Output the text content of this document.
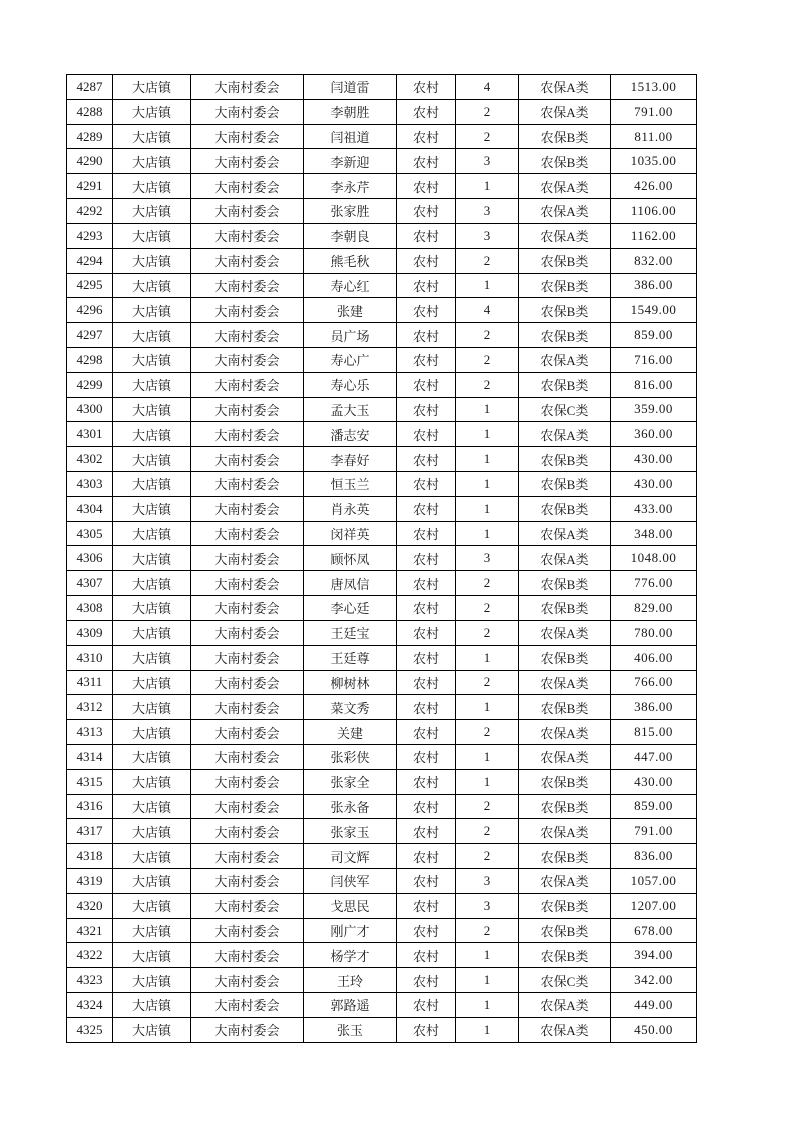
4287	大店镇	大南村委会	闫道雷	农村	4	农保A类	1513.00
4288	大店镇	大南村委会	李朝胜	农村	2	农保A类	791.00
4289	大店镇	大南村委会	闫祖道	农村	2	农保B类	811.00
4290	大店镇	大南村委会	李新迎	农村	3	农保B类	1035.00
4291	大店镇	大南村委会	李永芹	农村	1	农保A类	426.00
4292	大店镇	大南村委会	张家胜	农村	3	农保A类	1106.00
4293	大店镇	大南村委会	李朝良	农村	3	农保A类	1162.00
4294	大店镇	大南村委会	熊毛秋	农村	2	农保B类	832.00
4295	大店镇	大南村委会	寿心红	农村	1	农保B类	386.00
4296	大店镇	大南村委会	张建	农村	4	农保B类	1549.00
4297	大店镇	大南村委会	员广场	农村	2	农保B类	859.00
4298	大店镇	大南村委会	寿心广	农村	2	农保A类	716.00
4299	大店镇	大南村委会	寿心乐	农村	2	农保B类	816.00
4300	大店镇	大南村委会	孟大玉	农村	1	农保C类	359.00
4301	大店镇	大南村委会	潘志安	农村	1	农保A类	360.00
4302	大店镇	大南村委会	李春好	农村	1	农保B类	430.00
4303	大店镇	大南村委会	恒玉兰	农村	1	农保B类	430.00
4304	大店镇	大南村委会	肖永英	农村	1	农保B类	433.00
4305	大店镇	大南村委会	闵祥英	农村	1	农保A类	348.00
4306	大店镇	大南村委会	顾怀凤	农村	3	农保A类	1048.00
4307	大店镇	大南村委会	唐凤信	农村	2	农保B类	776.00
4308	大店镇	大南村委会	李心廷	农村	2	农保B类	829.00
4309	大店镇	大南村委会	王廷宝	农村	2	农保A类	780.00
4310	大店镇	大南村委会	王廷尊	农村	1	农保B类	406.00
4311	大店镇	大南村委会	柳树林	农村	2	农保A类	766.00
4312	大店镇	大南村委会	菜文秀	农村	1	农保B类	386.00
4313	大店镇	大南村委会	关建	农村	2	农保A类	815.00
4314	大店镇	大南村委会	张彩侠	农村	1	农保A类	447.00
4315	大店镇	大南村委会	张家全	农村	1	农保B类	430.00
4316	大店镇	大南村委会	张永备	农村	2	农保B类	859.00
4317	大店镇	大南村委会	张家玉	农村	2	农保A类	791.00
4318	大店镇	大南村委会	司文辉	农村	2	农保B类	836.00
4319	大店镇	大南村委会	闫侠军	农村	3	农保A类	1057.00
4320	大店镇	大南村委会	戈思民	农村	3	农保B类	1207.00
4321	大店镇	大南村委会	刚广才	农村	2	农保B类	678.00
4322	大店镇	大南村委会	杨学才	农村	1	农保B类	394.00
4323	大店镇	大南村委会	王玲	农村	1	农保C类	342.00
4324	大店镇	大南村委会	郭路遥	农村	1	农保A类	449.00
4325	大店镇	大南村委会	张玉	农村	1	农保A类	450.00
